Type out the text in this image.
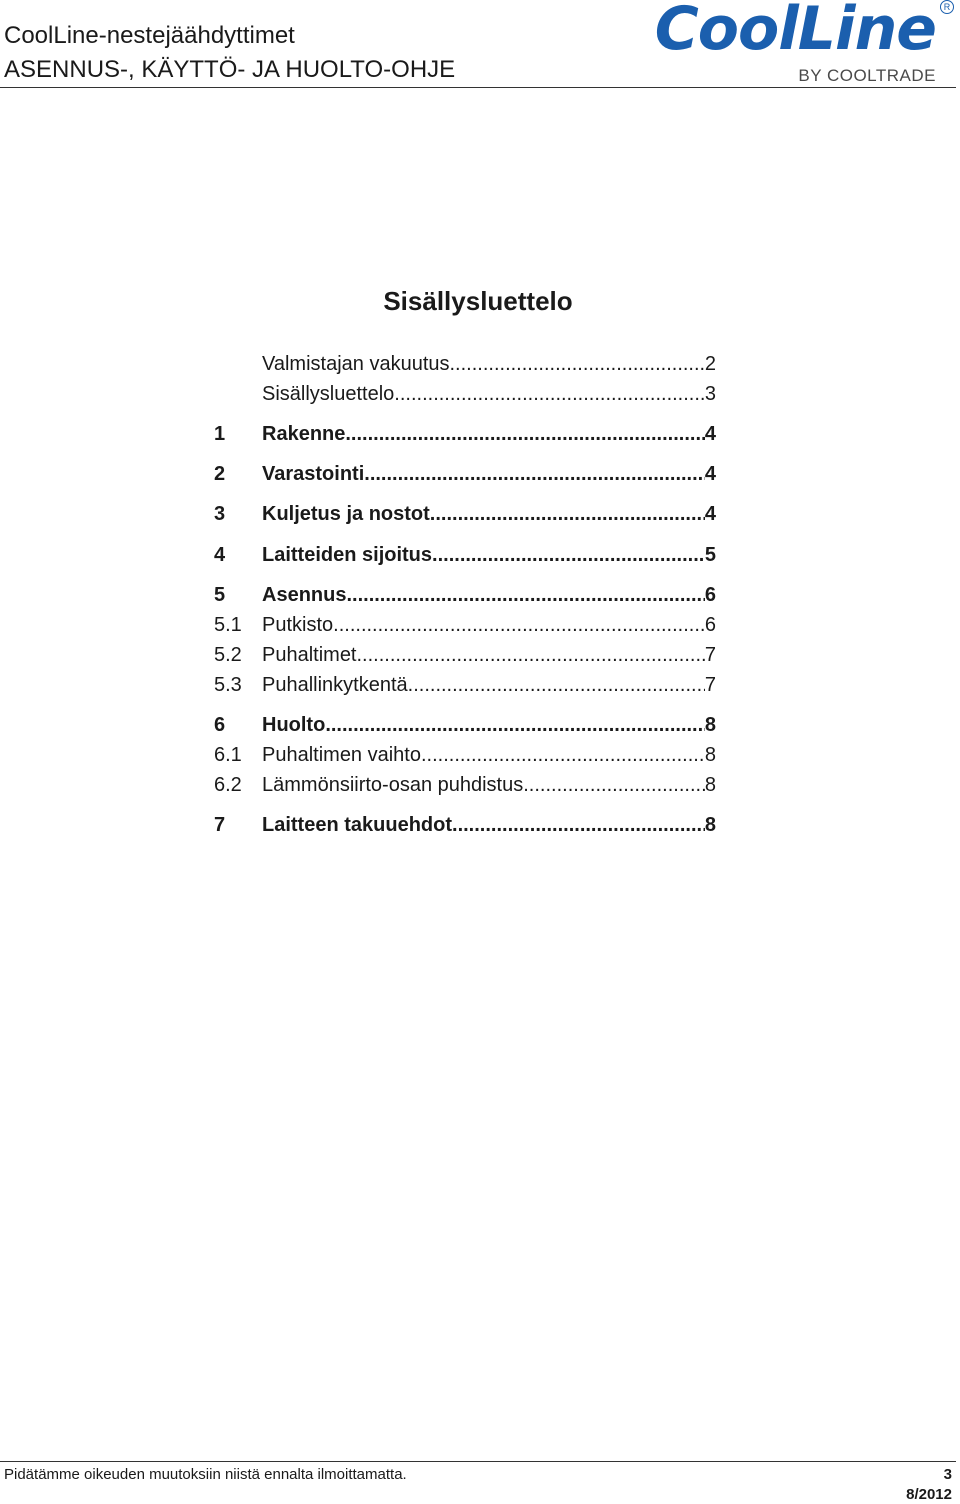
CoolLine-nestejäähdyttimet
ASENNUS-, KÄYTTÖ- JA HUOLTO-OHJE
CoolLine R
BY COOLTRADE
Sisällysluettelo
Valmistajan vakuutus .....	2
Sisällysluettelo .....	3
1	Rakenne .....	4
2	Varastointi .....	4
3	Kuljetus ja nostot .....	4
4	Laitteiden sijoitus .....	5
5	Asennus .....	6
5.1	Putkisto .....	6
5.2	Puhaltimet .....	7
5.3	Puhallinkytkentä .....	7
6	Huolto .....	8
6.1	Puhaltimen vaihto .....	8
6.2	Lämmönsiirto-osan puhdistus .....	8
7	Laitteen takuuehdot .....	8
Pidätämme oikeuden muutoksiin niistä ennalta ilmoittamatta.	3
8/2012
